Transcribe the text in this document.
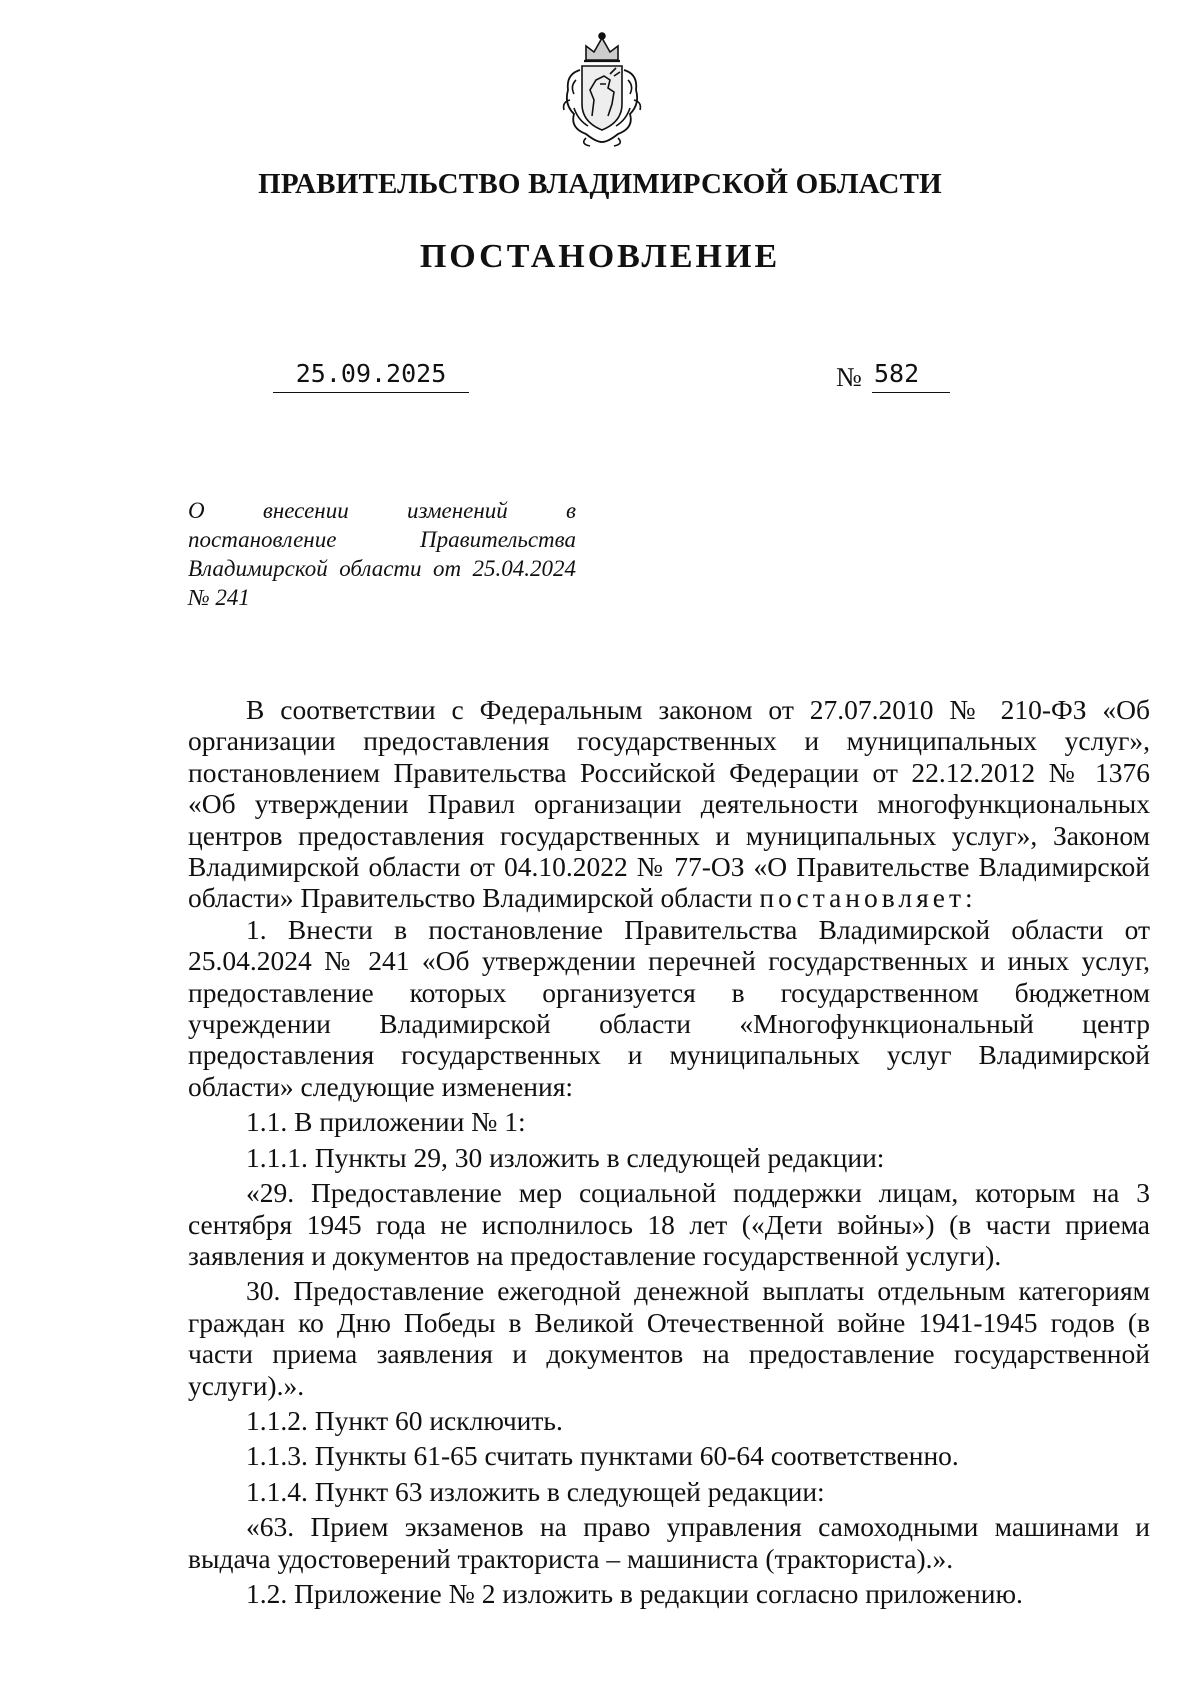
ПРАВИТЕЛЬСТВО ВЛАДИМИРСКОЙ ОБЛАСТИ
ПОСТАНОВЛЕНИЕ
25.09.2025	№ 582
О внесении изменений в
постановление Правительства
Владимирской области от 25.04.2024
№ 241

В соответствии с Федеральным законом от 27.07.2010 № 210-ФЗ «Об организации предоставления государственных и муниципальных услуг», постановлением Правительства Российской Федерации от 22.12.2012 № 1376 «Об утверждении Правил организации деятельности многофункциональных центров предоставления государственных и муниципальных услуг», Законом Владимирской области от 04.10.2022 № 77-ОЗ «О Правительстве Владимирской области» Правительство Владимирской области постановляет:

1. Внести в постановление Правительства Владимирской области от 25.04.2024 № 241 «Об утверждении перечней государственных и иных услуг, предоставление которых организуется в государственном бюджетном учреждении Владимирской области «Многофункциональный центр предоставления государственных и муниципальных услуг Владимирской области» следующие изменения:

1.1. В приложении № 1:

1.1.1. Пункты 29, 30 изложить в следующей редакции:

«29. Предоставление мер социальной поддержки лицам, которым на 3 сентября 1945 года не исполнилось 18 лет («Дети войны») (в части приема заявления и документов на предоставление государственной услуги).

30. Предоставление ежегодной денежной выплаты отдельным категориям граждан ко Дню Победы в Великой Отечественной войне 1941-1945 годов (в части приема заявления и документов на предоставление государственной услуги).».

1.1.2. Пункт 60 исключить.

1.1.3. Пункты 61-65 считать пунктами 60-64 соответственно.

1.1.4. Пункт 63 изложить в следующей редакции:

«63. Прием экзаменов на право управления самоходными машинами и выдача удостоверений тракториста – машиниста (тракториста).».

1.2. Приложение № 2 изложить в редакции согласно приложению.
